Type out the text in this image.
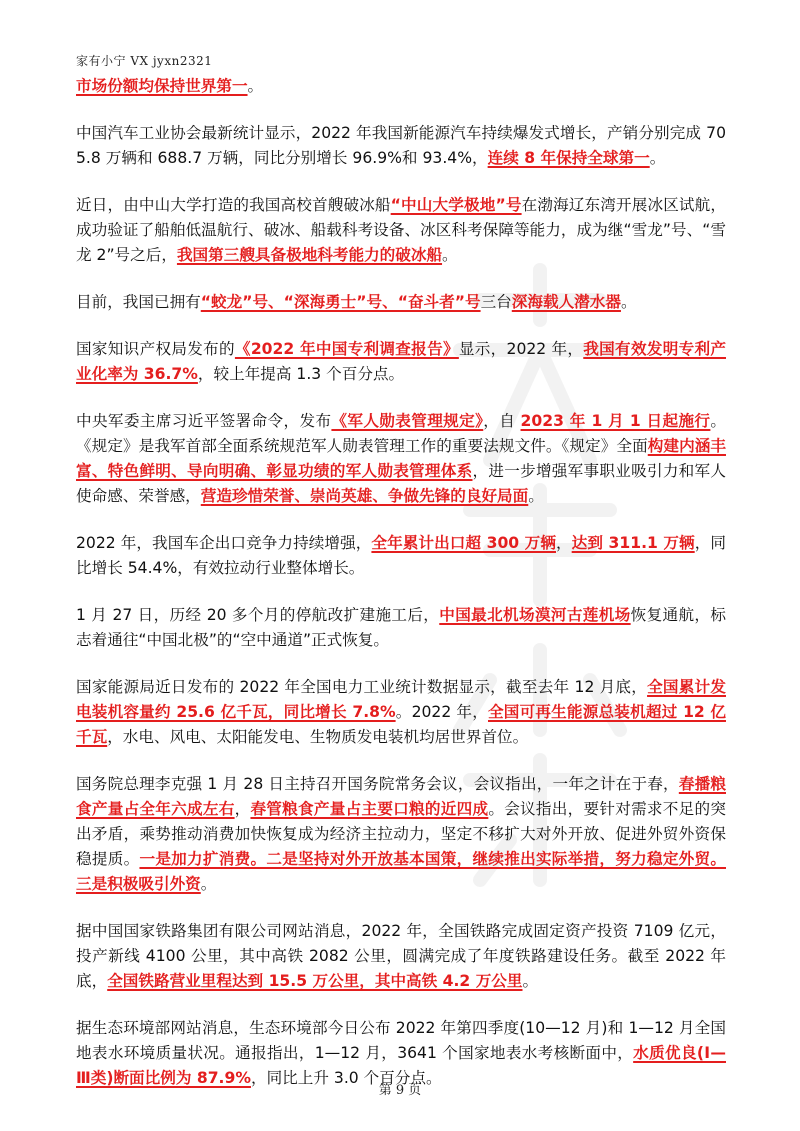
家有小宁 VX jyxn2321

市场份额均保持世界第一。

中国汽车工业协会最新统计显示，2022 年我国新能源汽车持续爆发式增长，产销分别完成 705.8 万辆和 688.7 万辆，同比分别增长 96.9%和 93.4%，连续 8 年保持全球第一。

近日，由中山大学打造的我国高校首艘破冰船“中山大学极地”号在渤海辽东湾开展冰区试航，成功验证了船舶低温航行、破冰、船载科考设备、冰区科考保障等能力，成为继“雪龙”号、“雪龙 2”号之后，我国第三艘具备极地科考能力的破冰船。

目前，我国已拥有“蛟龙”号、“深海勇士”号、“奋斗者”号三台深海载人潜水器。

国家知识产权局发布的《2022 年中国专利调查报告》显示，2022 年，我国有效发明专利产业化率为 36.7%，较上年提高 1.3 个百分点。

中央军委主席习近平签署命令，发布《军人勋表管理规定》，自 2023 年 1 月 1 日起施行。《规定》是我军首部全面系统规范军人勋表管理工作的重要法规文件。《规定》全面构建内涵丰富、特色鲜明、导向明确、彰显功绩的军人勋表管理体系，进一步增强军事职业吸引力和军人使命感、荣誉感，营造珍惜荣誉、崇尚英雄、争做先锋的良好局面。

2022 年，我国车企出口竞争力持续增强，全年累计出口超 300 万辆，达到 311.1 万辆，同比增长 54.4%，有效拉动行业整体增长。

1 月 27 日，历经 20 多个月的停航改扩建施工后，中国最北机场漠河古莲机场恢复通航，标志着通往“中国北极”的“空中通道”正式恢复。

国家能源局近日发布的 2022 年全国电力工业统计数据显示，截至去年 12 月底，全国累计发电装机容量约 25.6 亿千瓦，同比增长 7.8%。2022 年，全国可再生能源总装机超过 12 亿千瓦，水电、风电、太阳能发电、生物质发电装机均居世界首位。

国务院总理李克强 1 月 28 日主持召开国务院常务会议，会议指出，一年之计在于春，春播粮食产量占全年六成左右，春管粮食产量占主要口粮的近四成。会议指出，要针对需求不足的突出矛盾，乘势推动消费加快恢复成为经济主拉动力，坚定不移扩大对外开放、促进外贸外资保稳提质。一是加力扩消费。二是坚持对外开放基本国策，继续推出实际举措，努力稳定外贸。三是积极吸引外资。

据中国国家铁路集团有限公司网站消息，2022 年，全国铁路完成固定资产投资 7109 亿元，投产新线 4100 公里，其中高铁 2082 公里，圆满完成了年度铁路建设任务。截至 2022 年底，全国铁路营业里程达到 15.5 万公里，其中高铁 4.2 万公里。

据生态环境部网站消息，生态环境部今日公布 2022 年第四季度(10—12 月)和 1—12 月全国地表水环境质量状况。通报指出，1—12 月，3641 个国家地表水考核断面中，水质优良(Ⅰ—Ⅲ类)断面比例为 87.9%，同比上升 3.0 个百分点。

第 9 页
